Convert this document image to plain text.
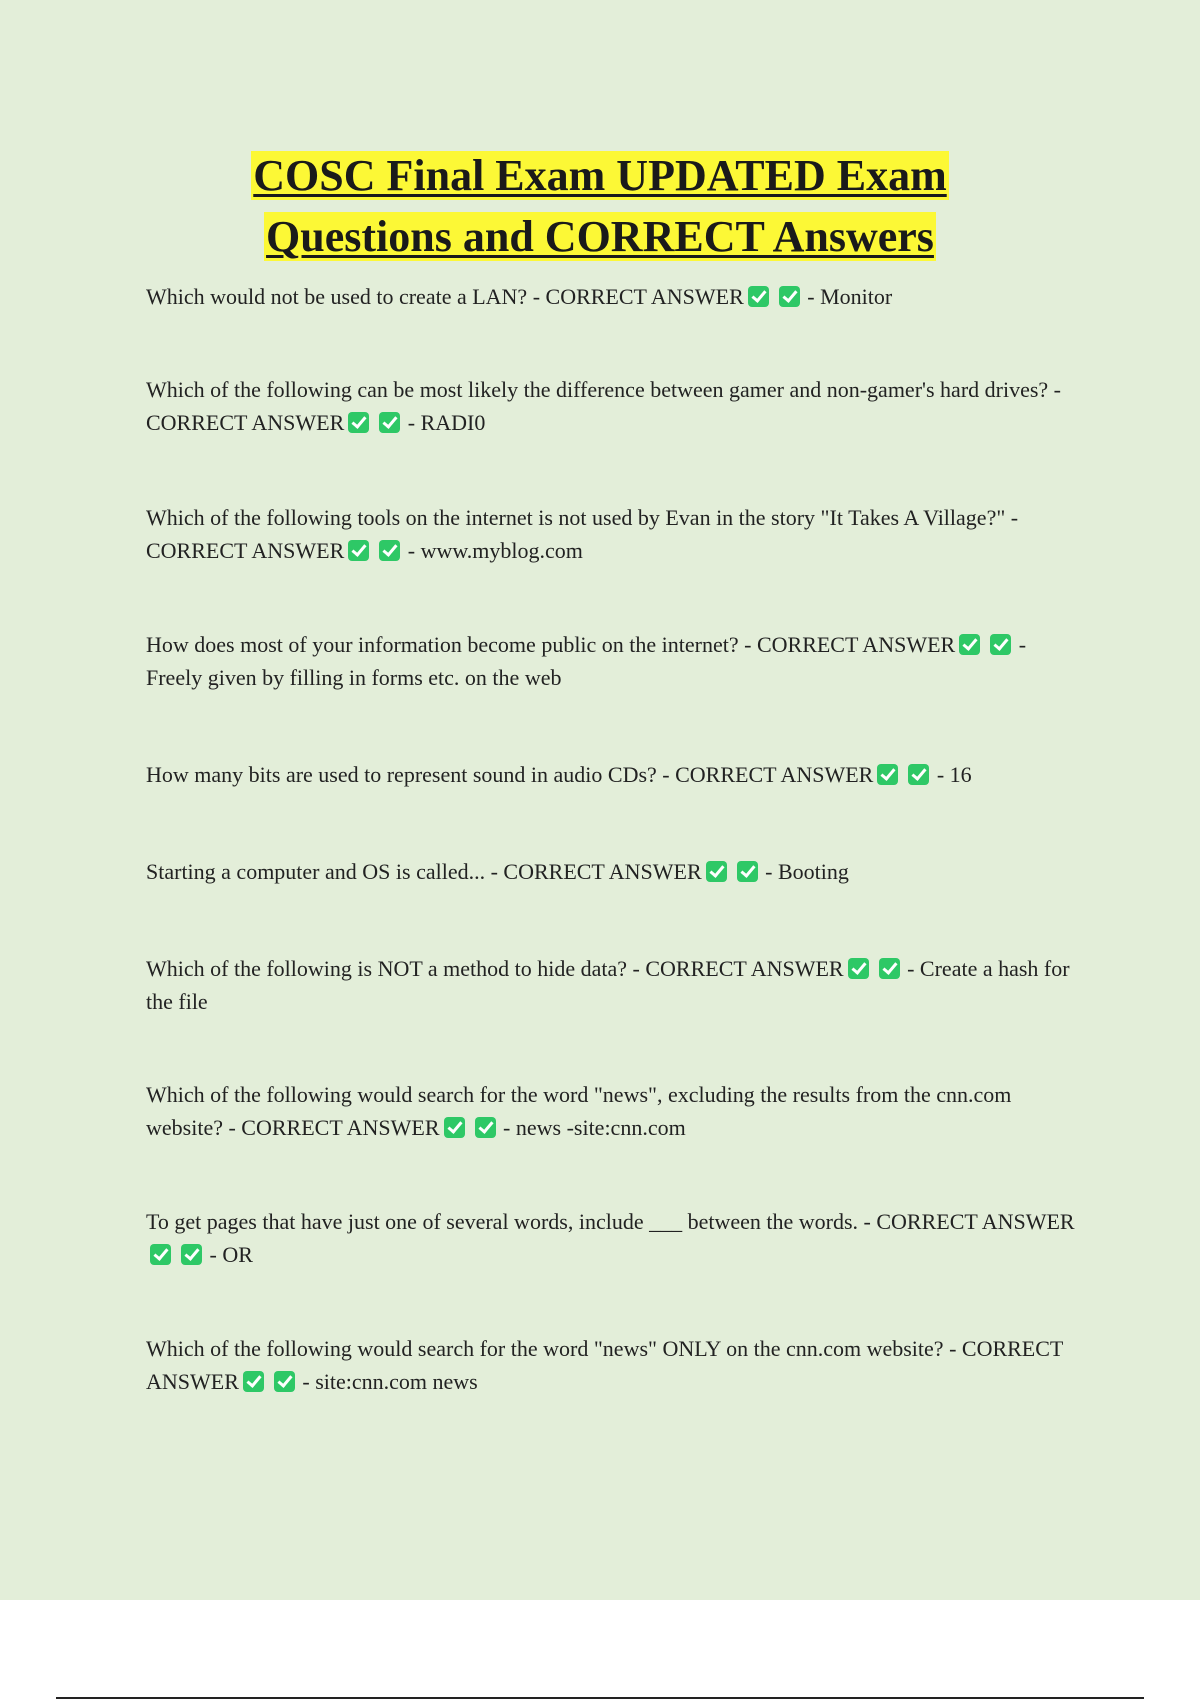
COSC Final Exam UPDATED Exam
Questions and CORRECT Answers
Which would not be used to create a LAN? - CORRECT ANSWER	- Monitor
Which of the following can be most likely the difference between gamer and non-gamer's hard drives? - CORRECT ANSWER	- RADI0
Which of the following tools on the internet is not used by Evan in the story "It Takes A Village?" - CORRECT ANSWER	- www.myblog.com
How does most of your information become public on the internet? - CORRECT ANSWER	- Freely given by filling in forms etc. on the web
How many bits are used to represent sound in audio CDs? - CORRECT ANSWER	- 16
Starting a computer and OS is called... - CORRECT ANSWER	- Booting
Which of the following is NOT a method to hide data? - CORRECT ANSWER	- Create a hash for the file
Which of the following would search for the word "news", excluding the results from the cnn.com website? - CORRECT ANSWER	- news -site:cnn.com
To get pages that have just one of several words, include ___ between the words. - CORRECT ANSWER - OR
Which of the following would search for the word "news" ONLY on the cnn.com website? - CORRECT ANSWER	- site:cnn.com news
